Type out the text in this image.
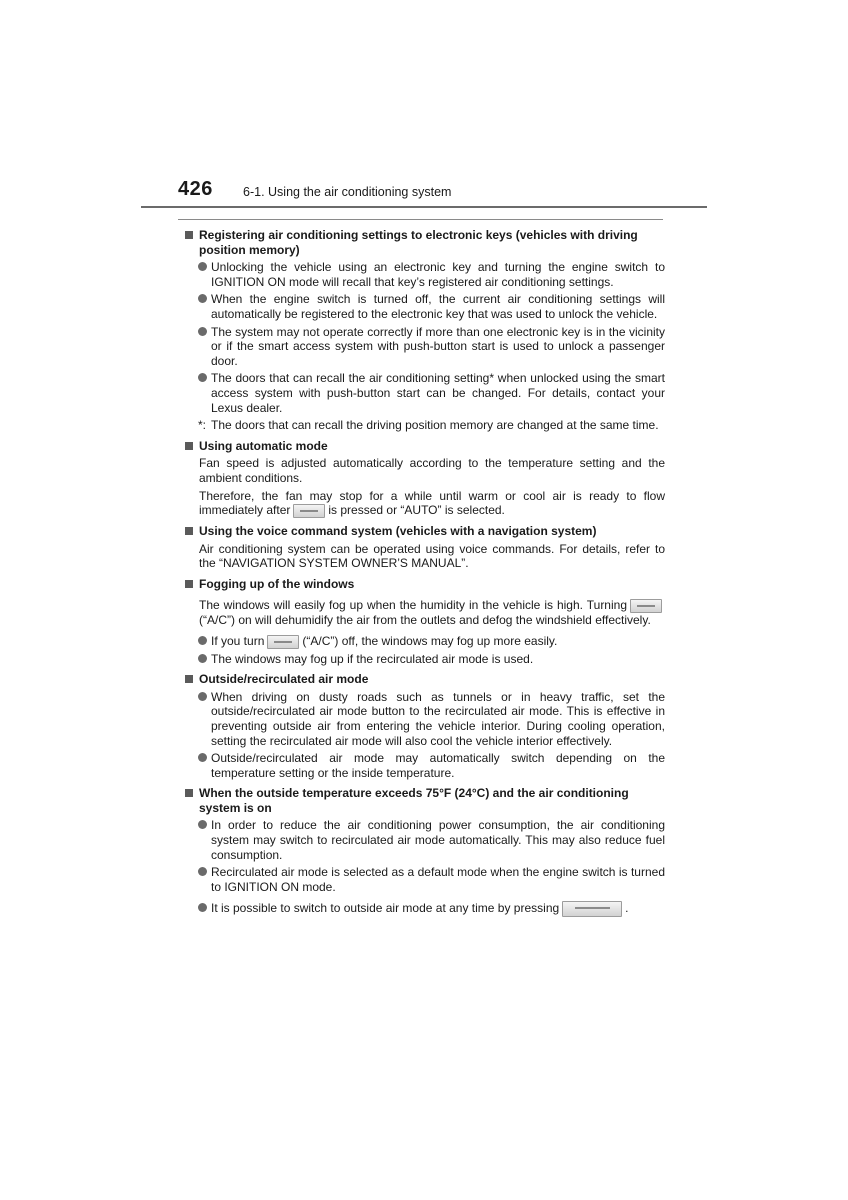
426 6-1. Using the air conditioning system
Registering air conditioning settings to electronic keys (vehicles with driving position memory)
Unlocking the vehicle using an electronic key and turning the engine switch to IGNITION ON mode will recall that key’s registered air conditioning settings.
When the engine switch is turned off, the current air conditioning settings will automatically be registered to the electronic key that was used to unlock the vehicle.
The system may not operate correctly if more than one electronic key is in the vicinity or if the smart access system with push-button start is used to unlock a passenger door.
The doors that can recall the air conditioning setting* when unlocked using the smart access system with push-button start can be changed. For details, contact your Lexus dealer.
*: The doors that can recall the driving position memory are changed at the same time.
Using automatic mode
Fan speed is adjusted automatically according to the temperature setting and the ambient conditions.
Therefore, the fan may stop for a while until warm or cool air is ready to flow immediately after	is pressed or “AUTO” is selected.
Using the voice command system (vehicles with a navigation system)
Air conditioning system can be operated using voice commands. For details, refer to the “NAVIGATION SYSTEM OWNER’S MANUAL”.
Fogging up of the windows
The windows will easily fog up when the humidity in the vehicle is high. Turning
(“A/C”) on will dehumidify the air from the outlets and defog the windshield effectively.
If you turn	(“A/C”) off, the windows may fog up more easily.
The windows may fog up if the recirculated air mode is used.
Outside/recirculated air mode
When driving on dusty roads such as tunnels or in heavy traffic, set the outside/recirculated air mode button to the recirculated air mode. This is effective in preventing outside air from entering the vehicle interior. During cooling operation, setting the recirculated air mode will also cool the vehicle interior effectively.
Outside/recirculated air mode may automatically switch depending on the temperature setting or the inside temperature.
When the outside temperature exceeds 75°F (24°C) and the air conditioning system is on
In order to reduce the air conditioning power consumption, the air conditioning system may switch to recirculated air mode automatically. This may also reduce fuel consumption.
Recirculated air mode is selected as a default mode when the engine switch is turned to IGNITION ON mode.
It is possible to switch to outside air mode at any time by pressing	.
